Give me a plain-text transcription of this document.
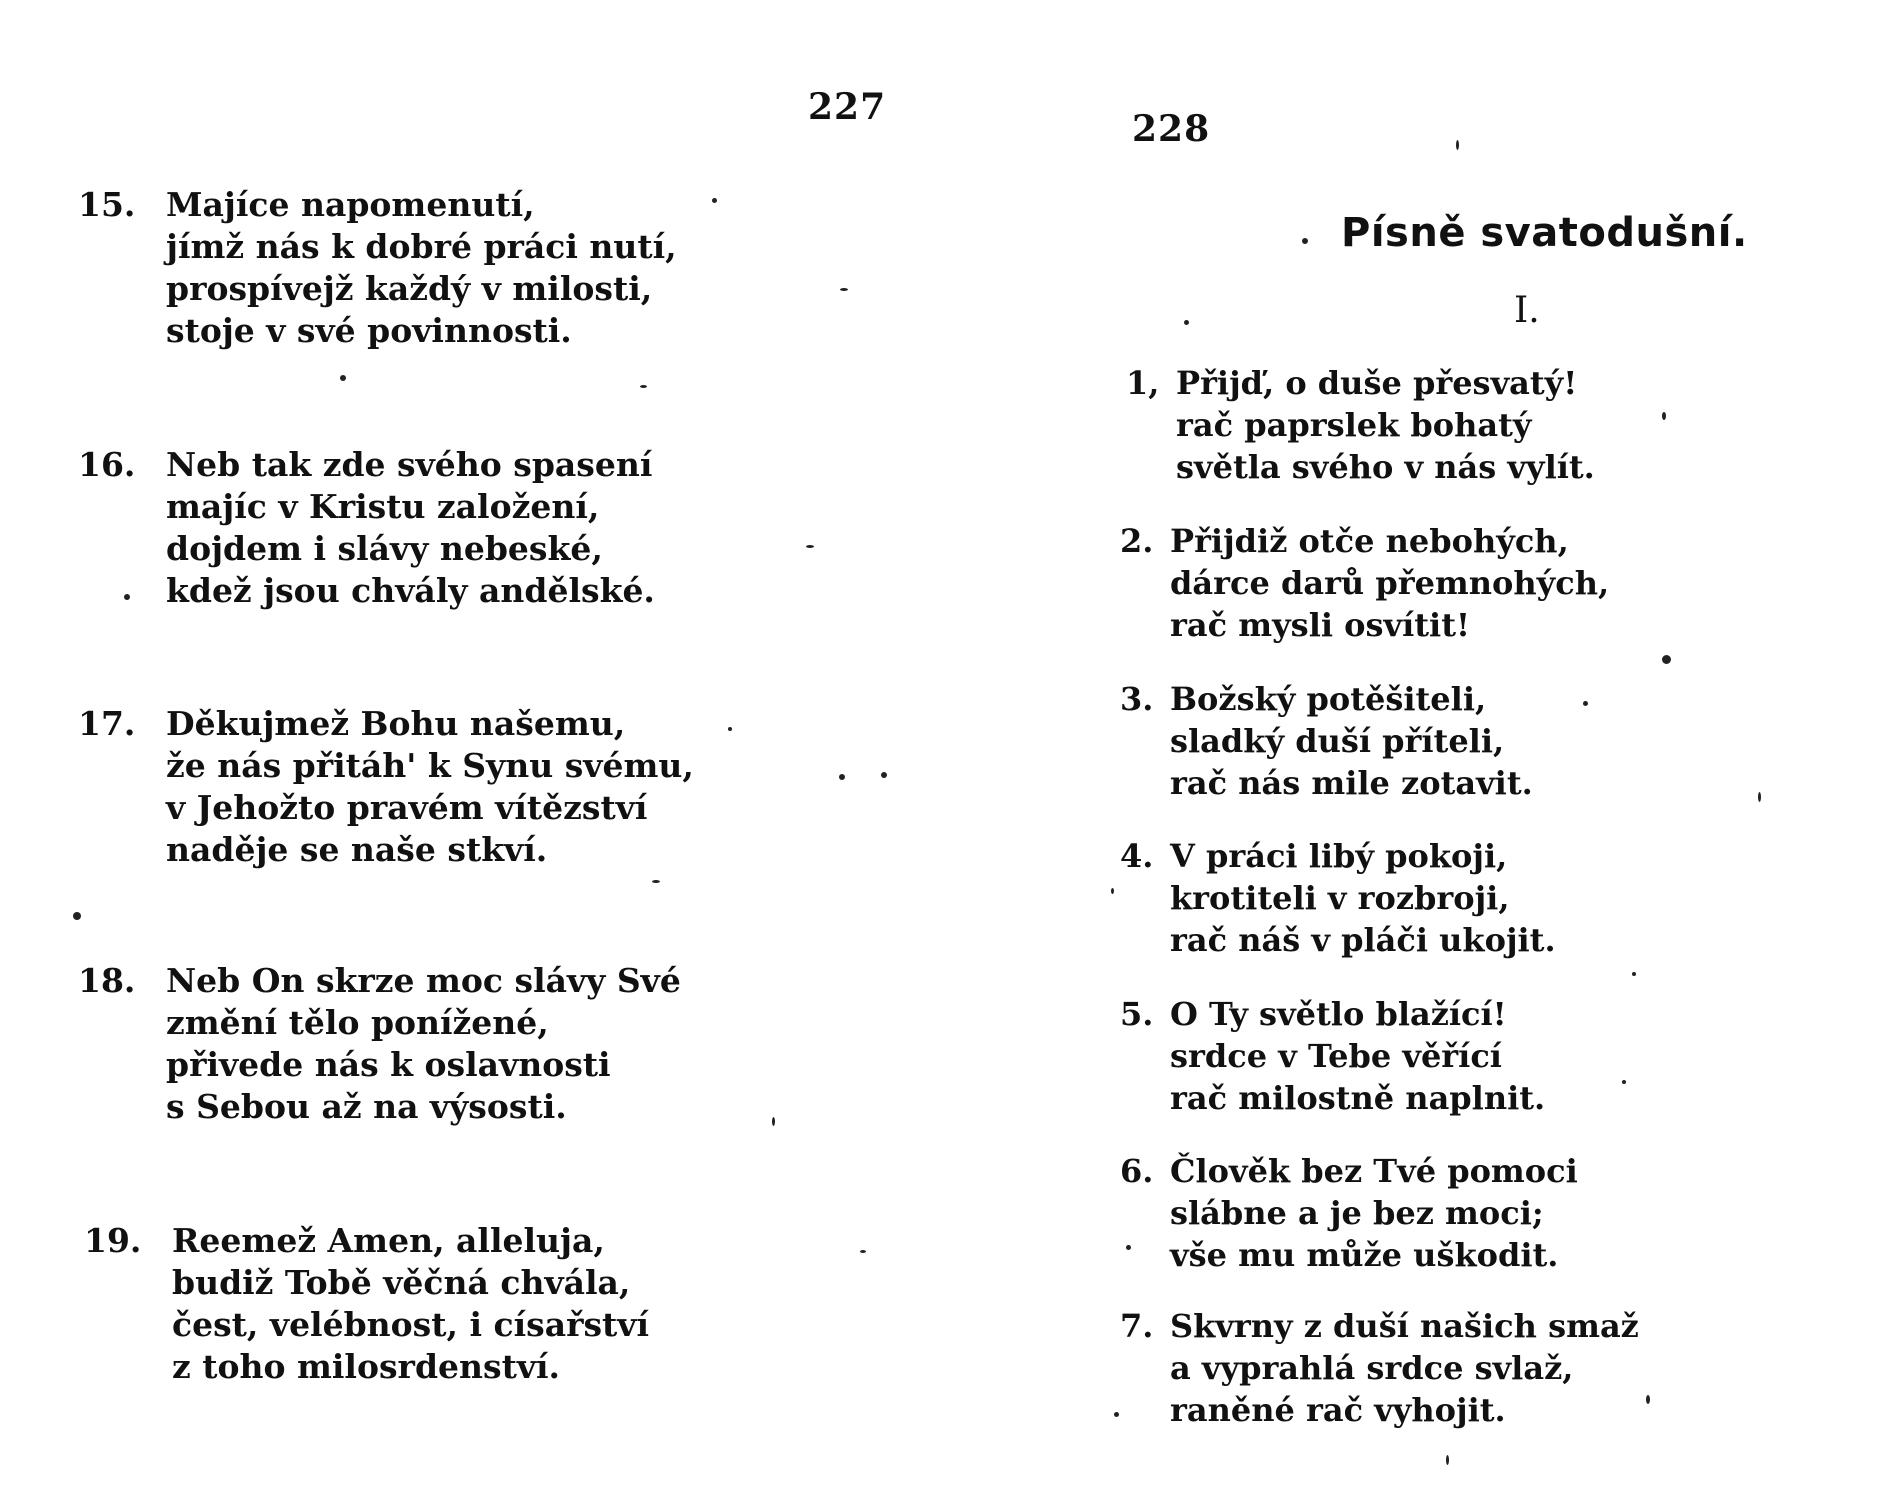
227
15. Majíce napomenutí,
jímž nás k dobré práci nutí,
prospívejž každý v milosti,
stoje v své povinnosti.
16. Neb tak zde svého spasení
majíc v Kristu založení,
dojdem i slávy nebeské,
kdež jsou chvály andělské.
17. Děkujmež Bohu našemu,
že nás přitáh' k Synu svému,
v Jehožto pravém vítězství
naděje se naše stkví.
18. Neb On skrze moc slávy Své
změní tělo ponížené,
přivede nás k oslavnosti
s Sebou až na výsosti.
19. Reemež Amen, alleluja,
budiž Tobě věčná chvála,
čest, velébnost, i císařství
z toho milosrdenství.
228
Písně svatodušní.
I.
1, Přijď, o duše přesvatý!
rač paprslek bohatý
světla svého v nás vylít.
2. Přijdiž otče nebohých,
dárce darů přemnohých,
rač mysli osvítit!
3. Božský potěšiteli,
sladký duší příteli,
rač nás mile zotavit.
4. V práci libý pokoji,
krotiteli v rozbroji,
rač náš v pláči ukojit.
5. O Ty světlo blažící!
srdce v Tebe věřící
rač milostně naplnit.
6. Člověk bez Tvé pomoci
slábne a je bez moci;
vše mu může uškodit.
7. Skvrny z duší našich smaž
a vyprahlá srdce svlaž,
raněné rač vyhojit.
